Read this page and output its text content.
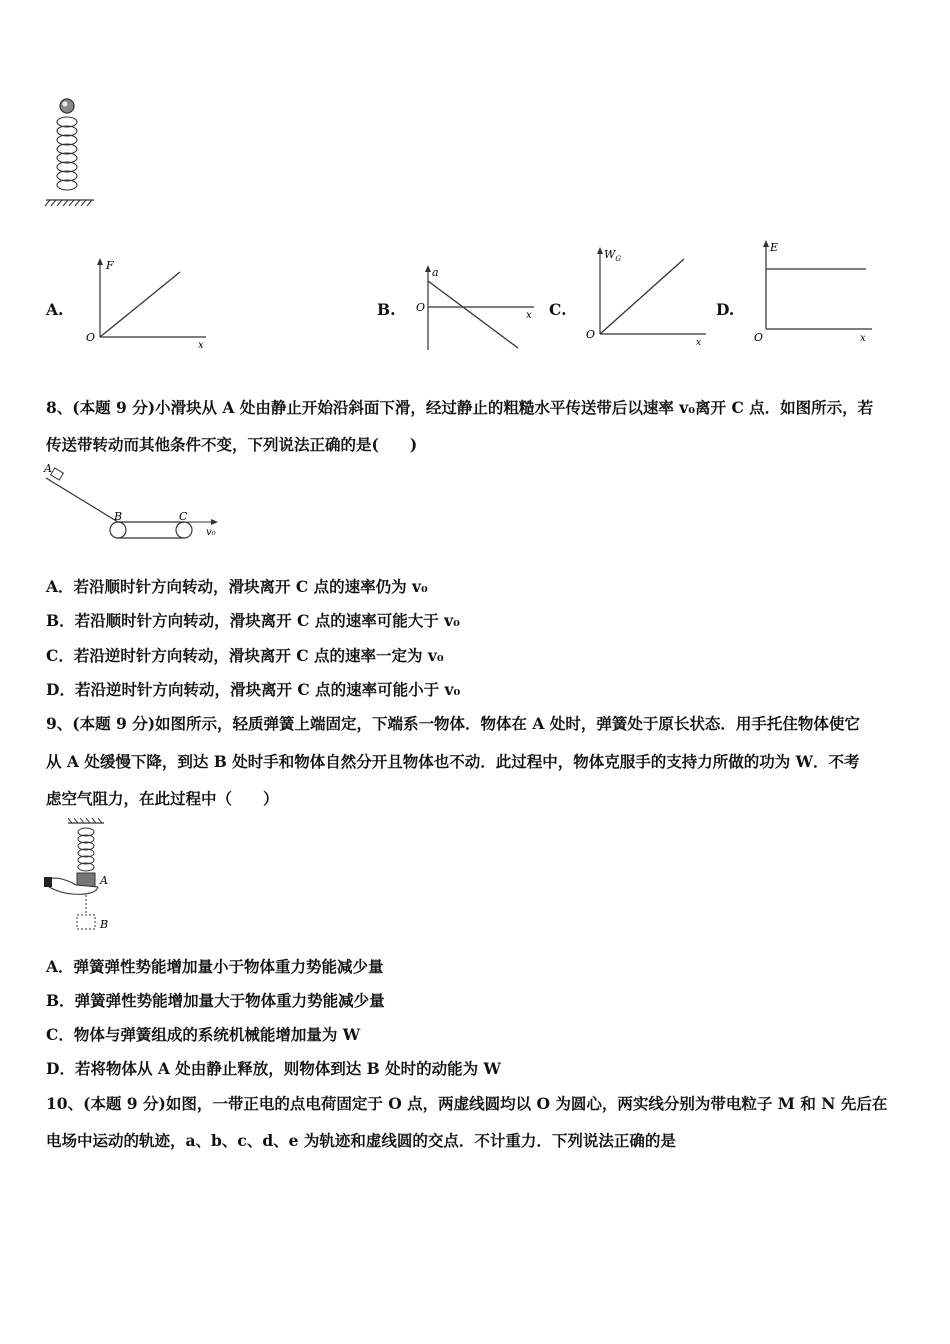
A.
F
O
x
B.
a
O
x C.
$W_G$
O
x
D.
E
O	x
8、(本题 9 分)小滑块从 A 处由静止开始沿斜面下滑，经过静止的粗糙水平传送带后以速率 v₀离开 C 点．如图所示，若
传送带转动而其他条件不变，下列说法正确的是(　　)
A
B	C
v₀
A．若沿顺时针方向转动，滑块离开 C 点的速率仍为 v₀
B．若沿顺时针方向转动，滑块离开 C 点的速率可能大于 v₀
C．若沿逆时针方向转动，滑块离开 C 点的速率一定为 v₀
D．若沿逆时针方向转动，滑块离开 C 点的速率可能小于 v₀
9、(本题 9 分)如图所示，轻质弹簧上端固定，下端系一物体．物体在 A 处时，弹簧处于原长状态．用手托住物体使它
从 A 处缓慢下降，到达 B 处时手和物体自然分开且物体也不动．此过程中，物体克服手的支持力所做的功为 W．不考
虑空气阻力，在此过程中（　　）
A
B
A．弹簧弹性势能增加量小于物体重力势能减少量
B．弹簧弹性势能增加量大于物体重力势能减少量
C．物体与弹簧组成的系统机械能增加量为 W
D．若将物体从 A 处由静止释放，则物体到达 B 处时的动能为 W
10、(本题 9 分)如图，一带正电的点电荷固定于 O 点，两虚线圆均以 O 为圆心，两实线分别为带电粒子 M 和 N 先后在
电场中运动的轨迹，a、b、c、d、e 为轨迹和虚线圆的交点．不计重力．下列说法正确的是
